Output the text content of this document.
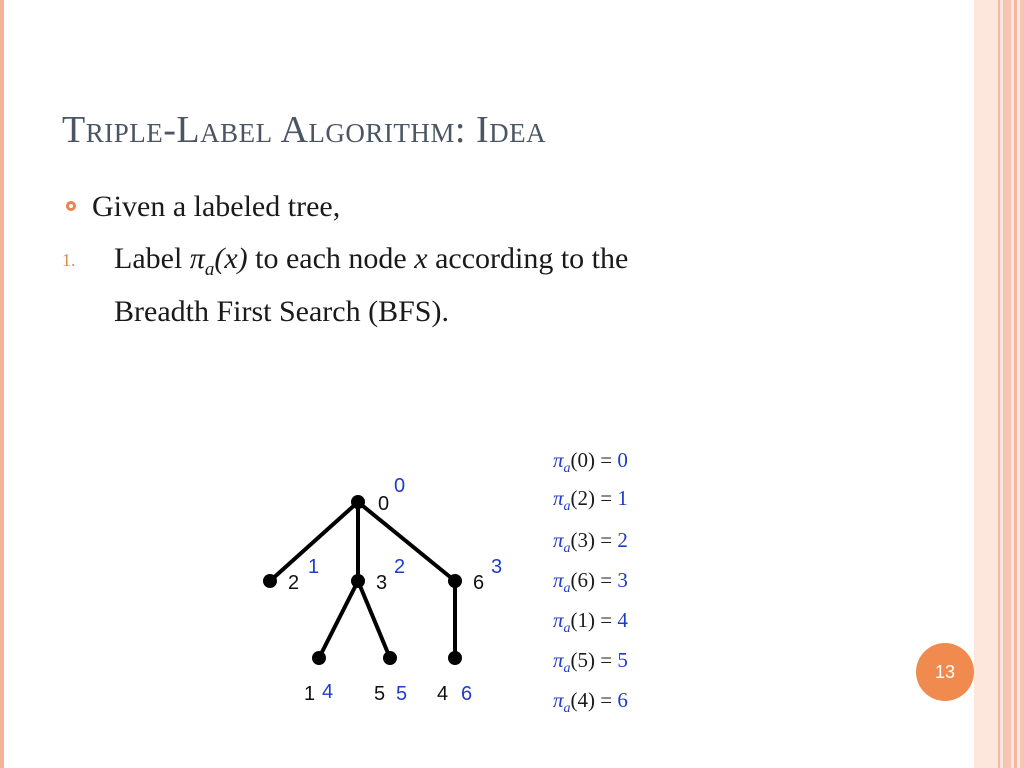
Triple-Label Algorithm: Idea
Given a labeled tree,
1. Label $\pi_a(x)$ to each node x according to the
Breadth First Search (BFS).
0
0
2
1
3
2
6
3
1 4 5 5 4 6
$\pi_a(0) = 0$
$\pi_a(2) = 1$
$\pi_a(3) = 2$
$\pi_a(6) = 3$
$\pi_a(1) = 4$
$\pi_a(5) = 5$
$\pi_a(4) = 6$
13
